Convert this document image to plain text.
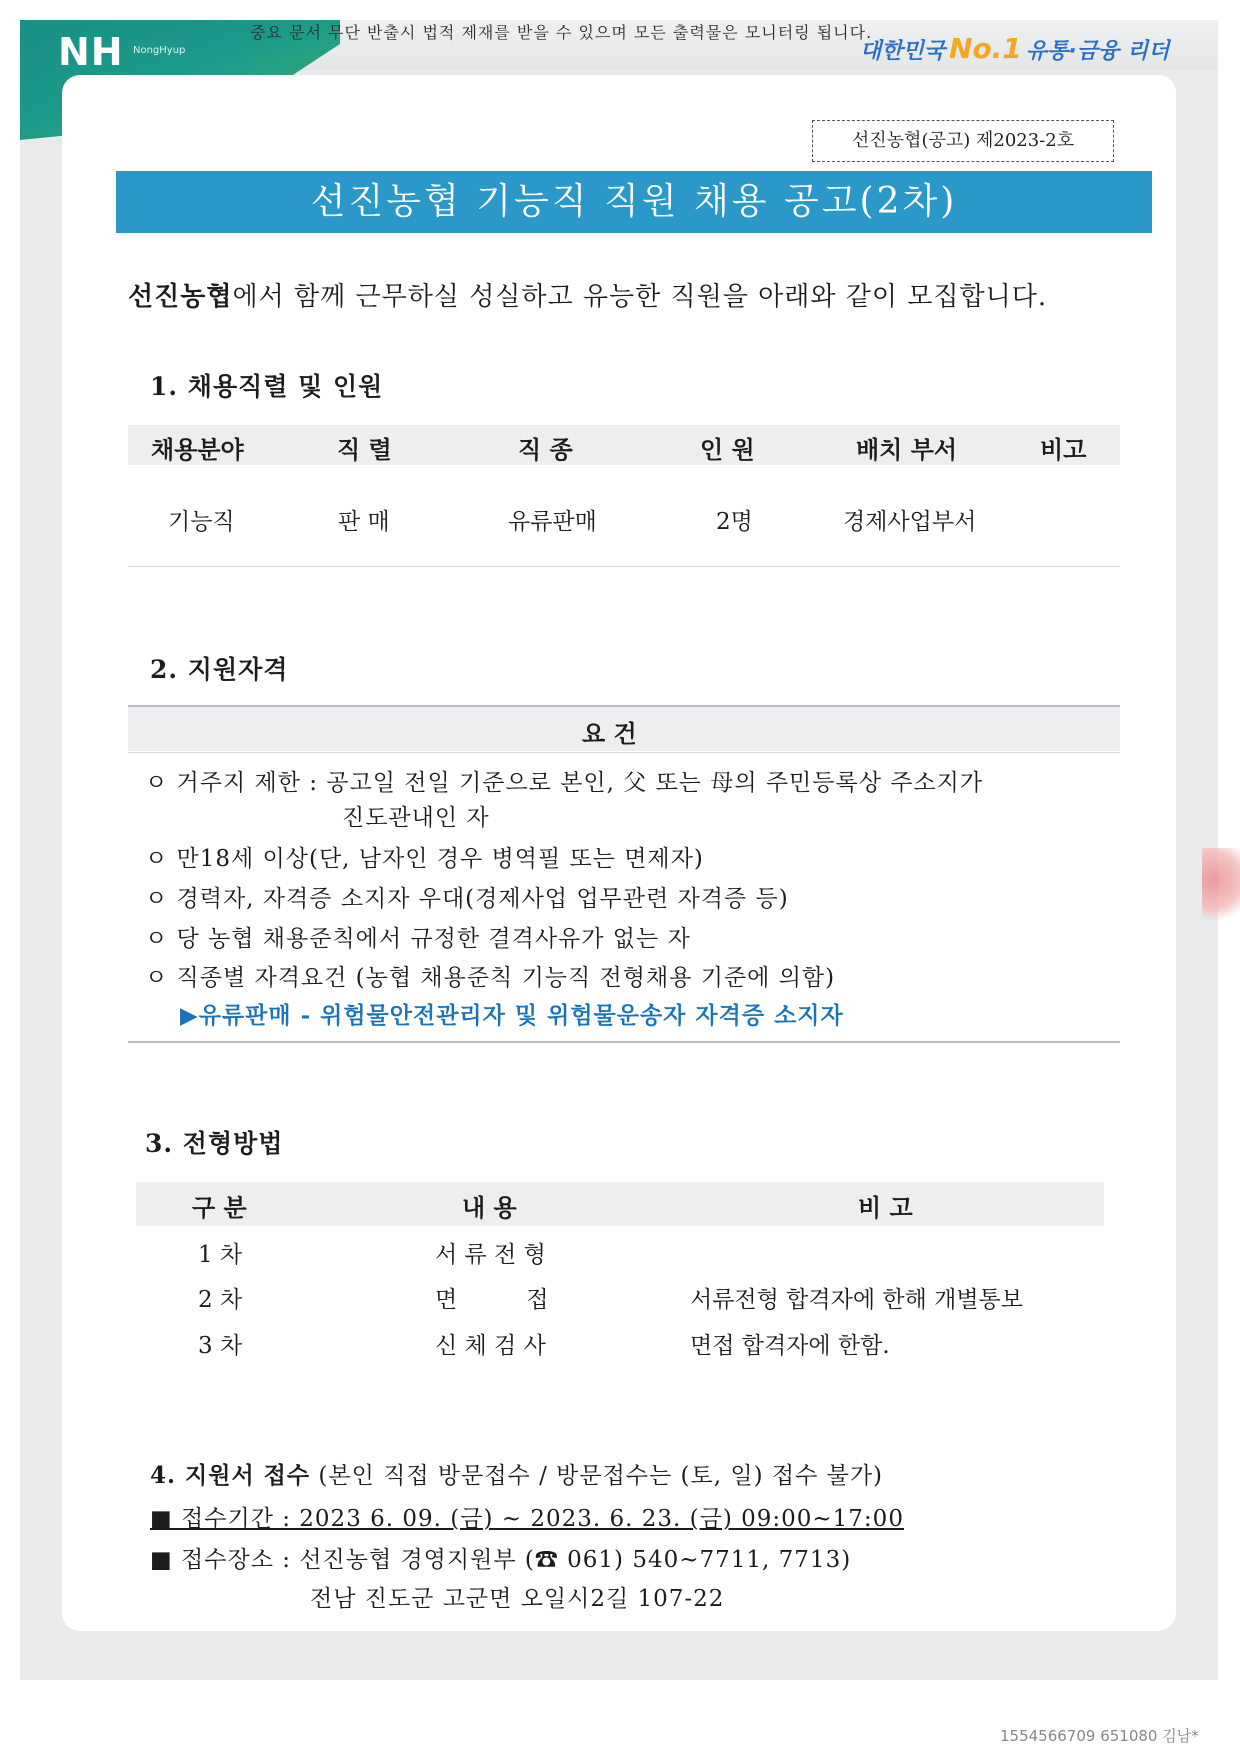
NH NongHyup
중요 문서 무단 반출시 법적 제재를 받을 수 있으며 모든 출력물은 모니터링 됩니다.
대한민국 No.1 유통·금융 리더
선진농협(공고) 제2023-2호
선진농협 기능직 직원 채용 공고(2차)
선진농협에서 함께 근무하실 성실하고 유능한 직원을 아래와 같이 모집합니다.
1. 채용직렬 및 인원
채용분야	직 렬	직 종	인 원	배치 부서	비고
기능직	판 매	유류판매	2명	경제사업부서
2. 지원자격
요 건
ㅇ 거주지 제한 : 공고일 전일 기준으로 본인, 父 또는 母의 주민등록상 주소지가
진도관내인 자
ㅇ 만18세 이상(단, 남자인 경우 병역필 또는 면제자)
ㅇ 경력자, 자격증 소지자 우대(경제사업 업무관련 자격증 등)
ㅇ 당 농협 채용준칙에서 규정한 결격사유가 없는 자
ㅇ 직종별 자격요건 (농협 채용준칙 기능직 전형채용 기준에 의함)
▶유류판매 - 위험물안전관리자 및 위험물운송자 자격증 소지자
3. 전형방법
구 분	내 용	비 고
1 차	서 류 전 형
2 차	면　　　접	서류전형 합격자에 한해 개별통보
3 차	신 체 검 사	면접 합격자에 한함.
4. 지원서 접수 (본인 직접 방문접수 / 방문접수는 (토, 일) 접수 불가)
■ 접수기간 : 2023 6. 09. (금) ~ 2023. 6. 23. (금) 09:00~17:00
■ 접수장소 : 선진농협 경영지원부 (☎ 061) 540~7711, 7713)
전남 진도군 고군면 오일시2길 107-22
1554566709 651080 김남*
